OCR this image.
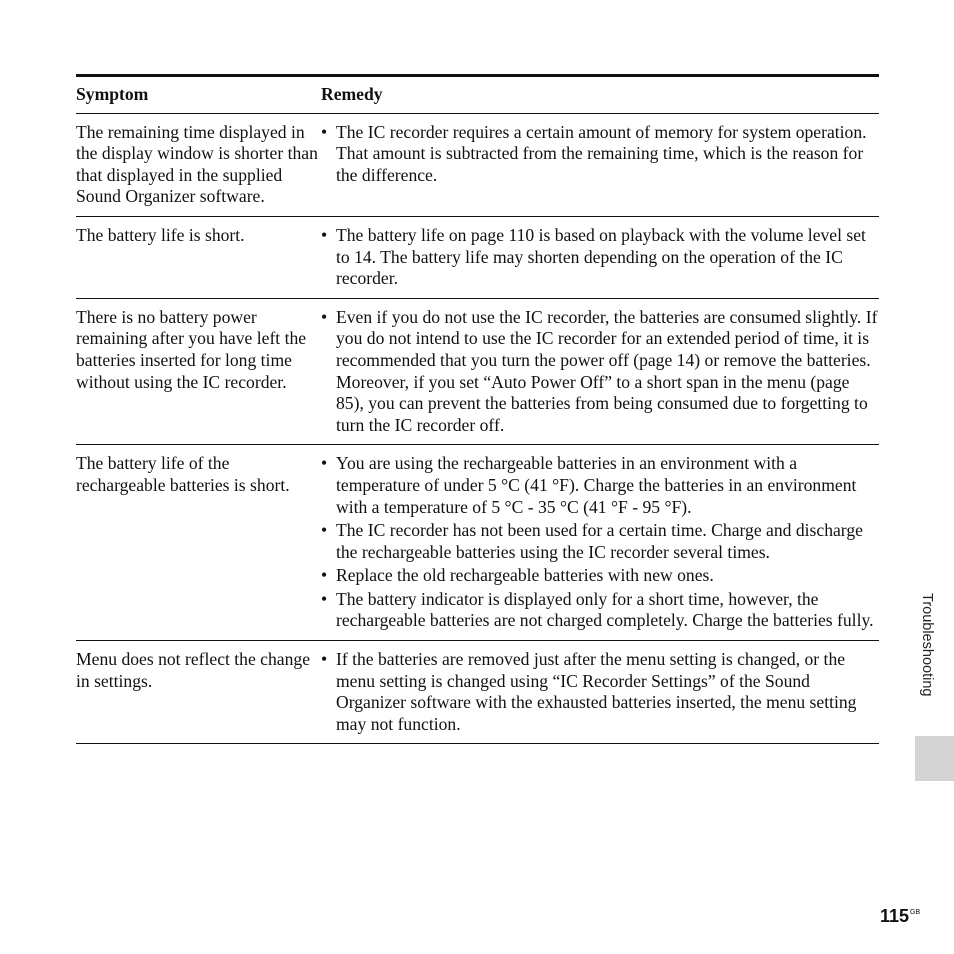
Symptom	Remedy
The remaining time displayed in the display window is shorter than that displayed in the supplied Sound Organizer software.
• The IC recorder requires a certain amount of memory for system operation. That amount is subtracted from the remaining time, which is the reason for the difference.
The battery life is short.
•	The battery life on page 110 is based on playback with the volume level set to 14. The battery life may shorten depending on the operation of the IC recorder.
There is no battery power remaining after you have left the batteries inserted for long time without using the IC recorder.
• Even if you do not use the IC recorder, the batteries are consumed slightly. If you do not intend to use the IC recorder for an extended period of time, it is recommended that you turn the power off (page 14) or remove the batteries. Moreover, if you set “Auto Power Off” to a short span in the menu (page 85), you can prevent the batteries from being consumed due to forgetting to turn the IC recorder off.
The battery life of the rechargeable batteries is short.
• You are using the rechargeable batteries in an environment with a temperature of under 5 °C (41 °F). Charge the batteries in an environment with a temperature of 5 °C - 35 °C (41 °F - 95 °F).
• The IC recorder has not been used for a certain time. Charge and discharge the rechargeable batteries using the IC recorder several times.
• Replace the old rechargeable batteries with new ones.
• The battery indicator is displayed only for a short time, however, the rechargeable batteries are not charged completely. Charge the batteries fully.
Menu does not reflect the change in settings.
• If the batteries are removed just after the menu setting is changed, or the menu setting is changed using “IC Recorder Settings” of the Sound Organizer software with the exhausted batteries inserted, the menu setting may not function.
Troubleshooting
$115^{GB}$
